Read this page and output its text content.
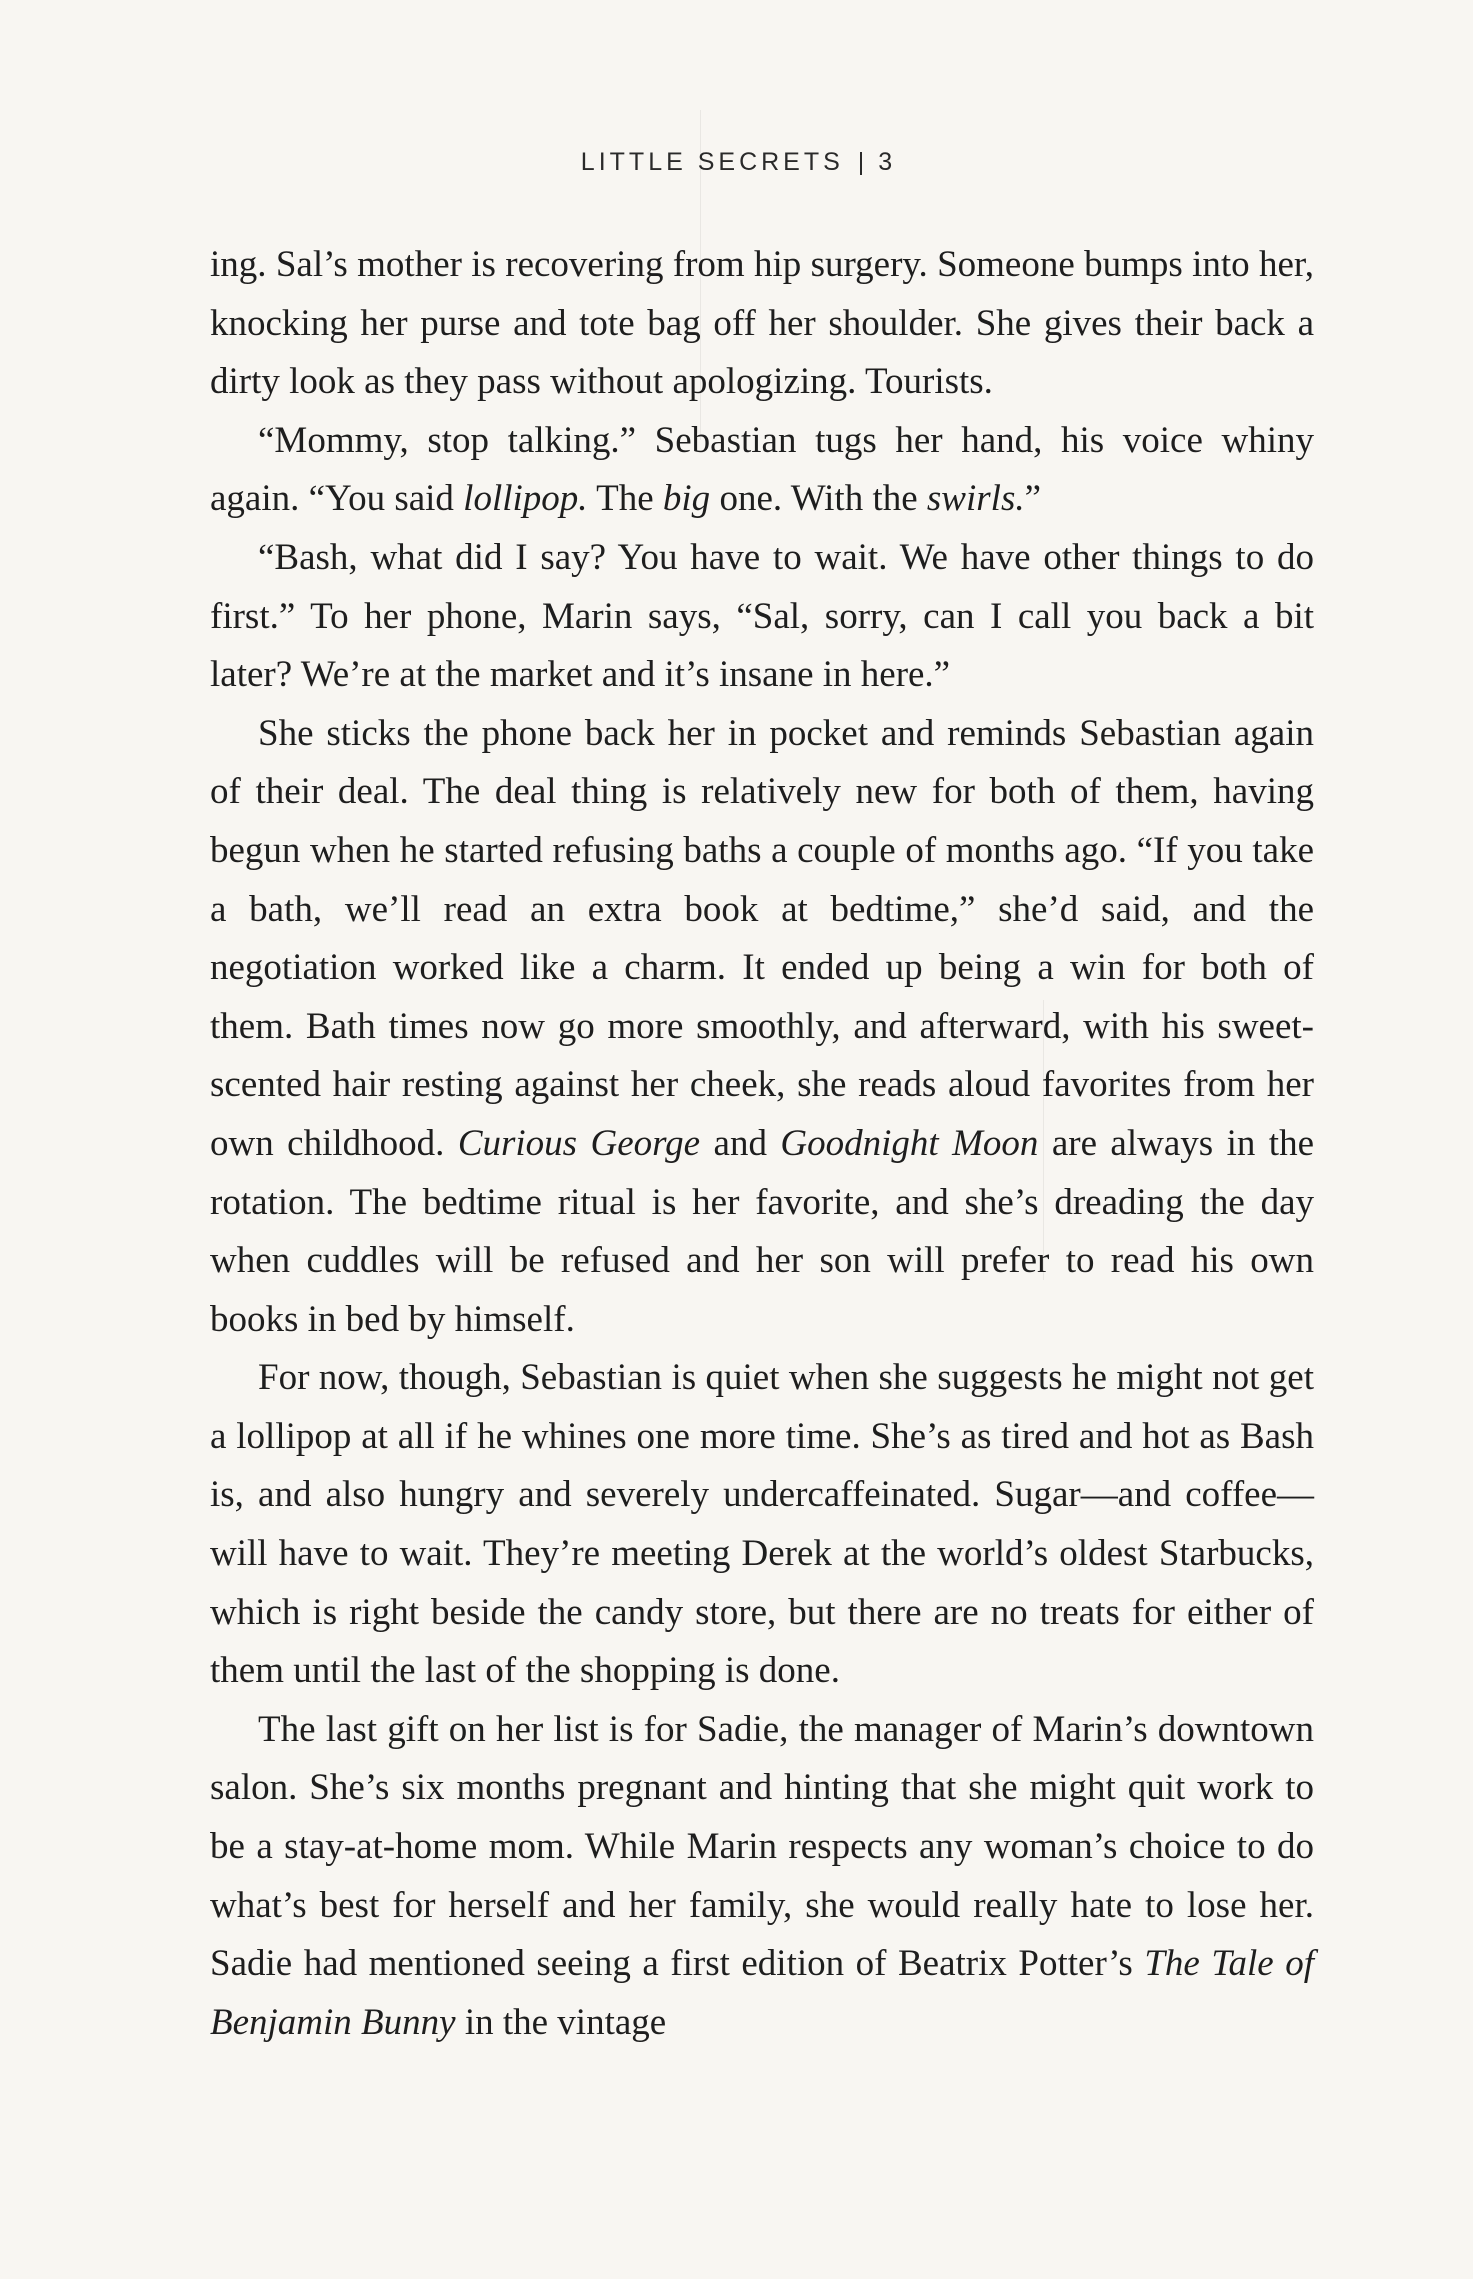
LITTLE SECRETS | 3

ing. Sal’s mother is recovering from hip surgery. Someone bumps into her, knocking her purse and tote bag off her shoulder. She gives their back a dirty look as they pass without apologizing. Tourists.

“Mommy, stop talking.” Sebastian tugs her hand, his voice whiny again. “You said lollipop. The big one. With the swirls.”

“Bash, what did I say? You have to wait. We have other things to do first.” To her phone, Marin says, “Sal, sorry, can I call you back a bit later? We’re at the market and it’s insane in here.”

She sticks the phone back her in pocket and reminds Sebastian again of their deal. The deal thing is relatively new for both of them, having begun when he started refusing baths a couple of months ago. “If you take a bath, we’ll read an extra book at bedtime,” she’d said, and the negotiation worked like a charm. It ended up being a win for both of them. Bath times now go more smoothly, and afterward, with his sweet-scented hair resting against her cheek, she reads aloud favorites from her own childhood. Curious George and Goodnight Moon are always in the rotation. The bedtime ritual is her favorite, and she’s dreading the day when cuddles will be refused and her son will prefer to read his own books in bed by himself.

For now, though, Sebastian is quiet when she suggests he might not get a lollipop at all if he whines one more time. She’s as tired and hot as Bash is, and also hungry and severely undercaffeinated. Sugar—and coffee—will have to wait. They’re meeting Derek at the world’s oldest Starbucks, which is right beside the candy store, but there are no treats for either of them until the last of the shopping is done.

The last gift on her list is for Sadie, the manager of Marin’s downtown salon. She’s six months pregnant and hinting that she might quit work to be a stay-at-home mom. While Marin respects any woman’s choice to do what’s best for herself and her family, she would really hate to lose her. Sadie had mentioned seeing a first edition of Beatrix Potter’s The Tale of Benjamin Bunny in the vintage
